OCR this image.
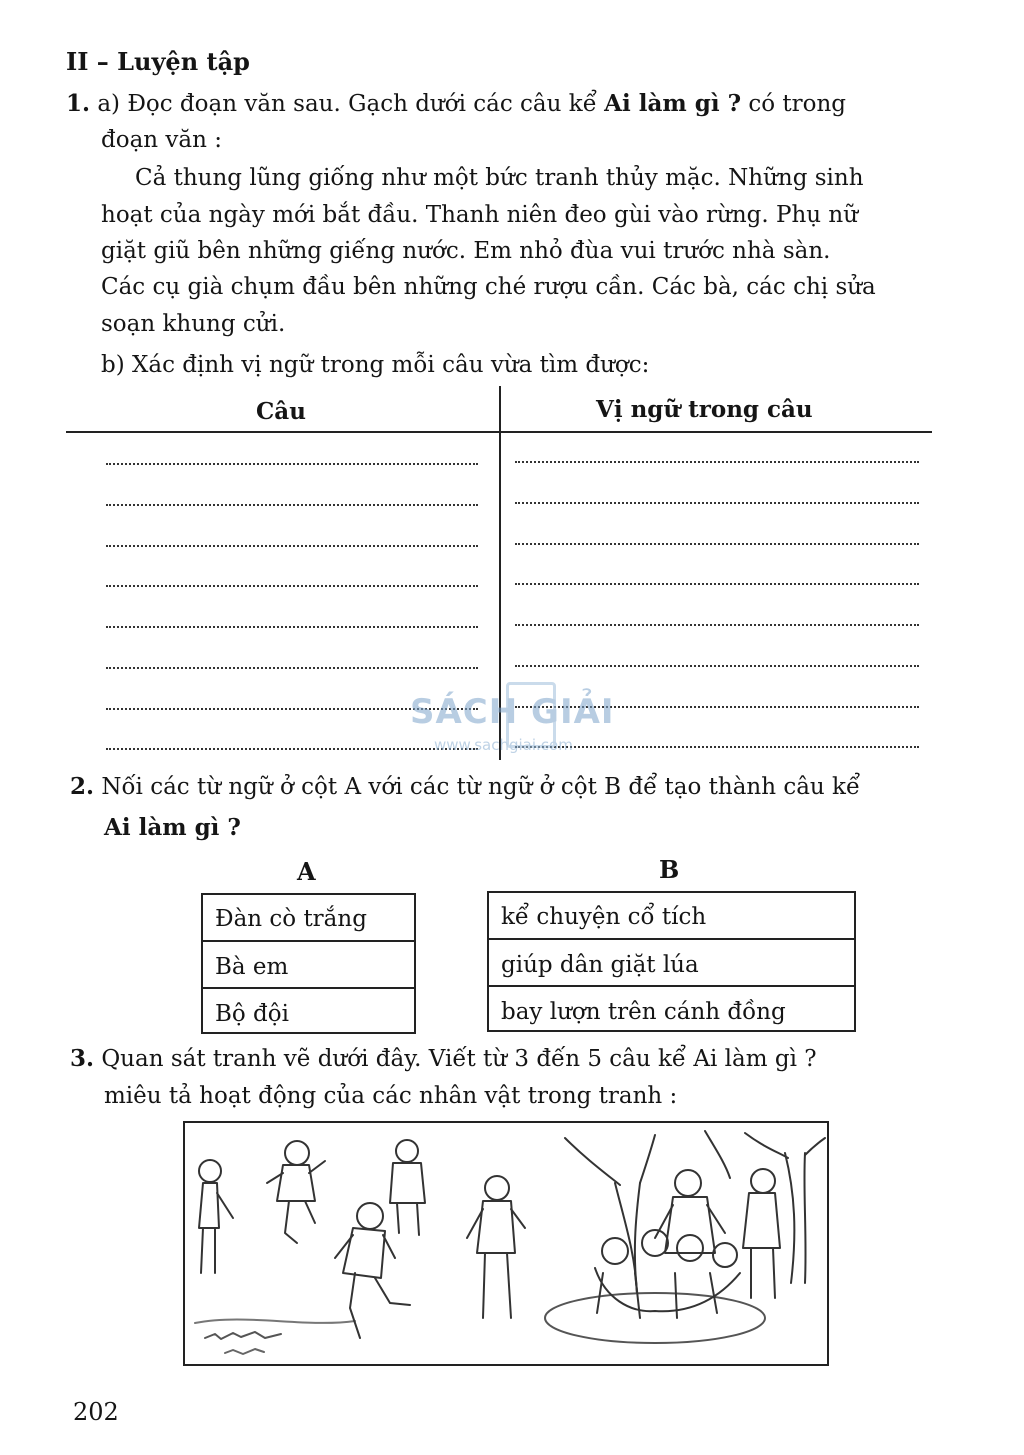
II – Luyện tập
1. a) Đọc đoạn văn sau. Gạch dưới các câu kể Ai làm gì ? có trong
đoạn văn :
Cả thung lũng giống như một bức tranh thủy mặc. Những sinh
hoạt của ngày mới bắt đầu. Thanh niên đeo gùi vào rừng. Phụ nữ
giặt giũ bên những giếng nước. Em nhỏ đùa vui trước nhà sàn.
Các cụ già chụm đầu bên những ché rượu cần. Các bà, các chị sửa
soạn khung cửi.
b) Xác định vị ngữ trong mỗi câu vừa tìm được:
Câu	Vị ngữ trong câu
SÁCH GIẢI
www.sachgiai.com
2. Nối các từ ngữ ở cột A với các từ ngữ ở cột B để tạo thành câu kể
Ai làm gì ?
A	B
Đàn cò trắng
Bà em
Bộ đội
kể chuyện cổ tích
giúp dân giặt lúa
bay lượn trên cánh đồng
3. Quan sát tranh vẽ dưới đây. Viết từ 3 đến 5 câu kể Ai làm gì ?
miêu tả hoạt động của các nhân vật trong tranh :
202
